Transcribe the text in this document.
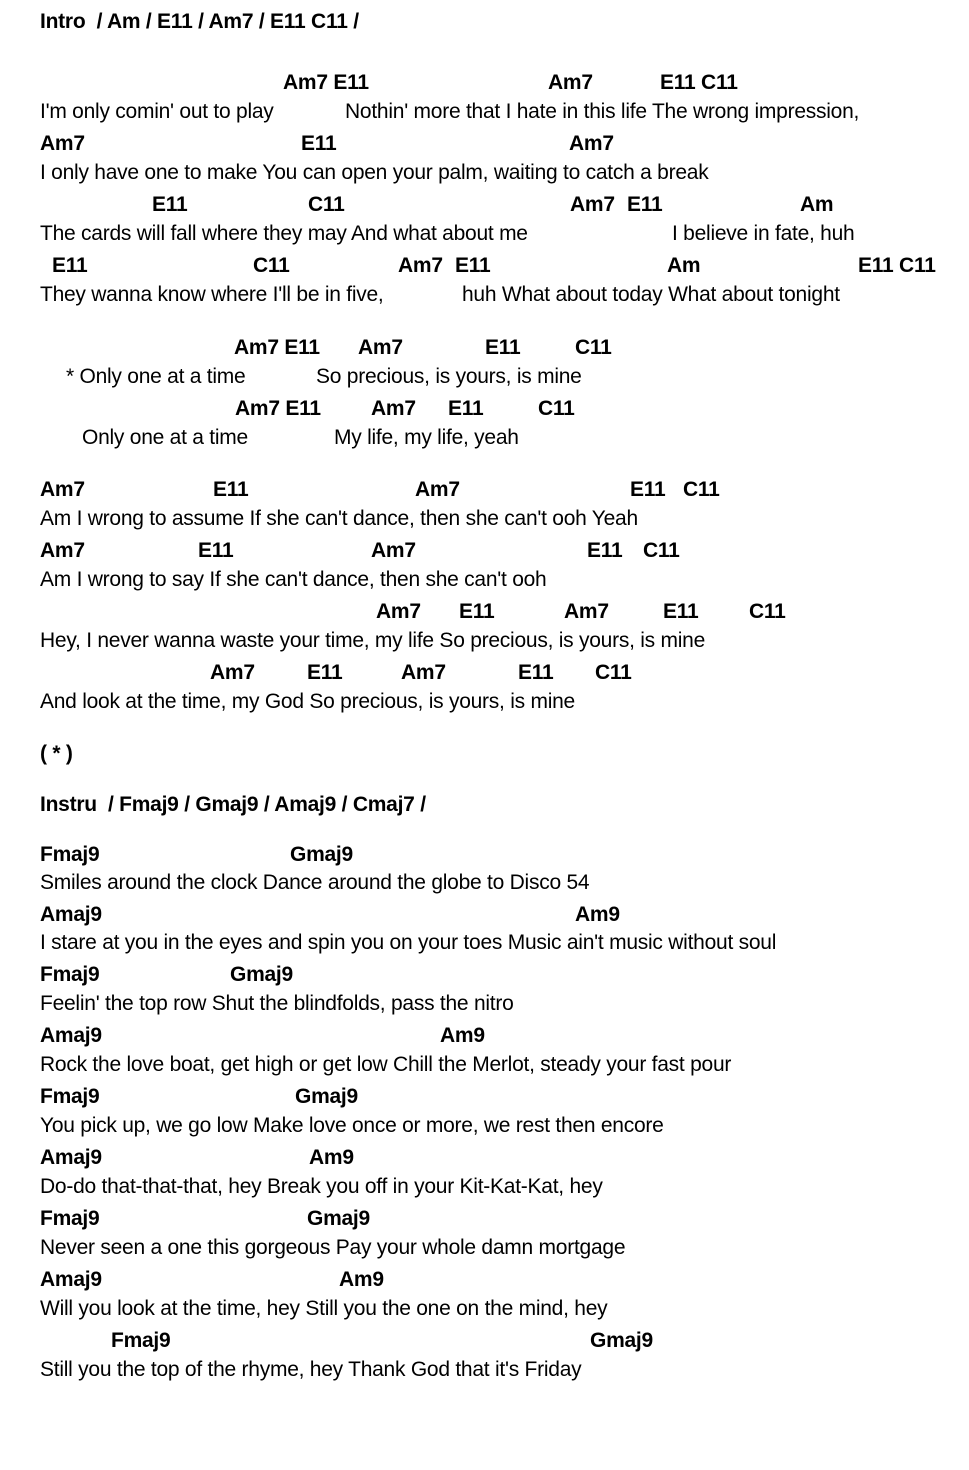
Intro  / Am / E11 / Am7 / E11 C11 /
Am7 E11	Am7	E11 C11
I'm only comin' out to play	Nothin' more that I hate in this life The wrong impression,
Am7	E11	Am7
I only have one to make You can open your palm, waiting to catch a break
E11	C11	Am7 E11	Am
The cards will fall where they may And what about me	I believe in fate, huh
E11	C11	Am7 E11	Am	E11 C11
They wanna know where I'll be in five,	huh What about today What about tonight
Am7 E11 Am7	E11	C11
* Only one at a time	So precious, is yours, is mine
Am7 E11 Am7 E11	C11
Only one at a time	My life, my life, yeah
Am7	E11	Am7	E11 C11
Am I wrong to assume If she can't dance, then she can't ooh Yeah
Am7	E11	Am7	E11 C11
Am I wrong to say If she can't dance, then she can't ooh
Am7 E11	Am7	E11 C11
Hey, I never wanna waste your time, my life So precious, is yours, is mine
Am7 E11	Am7	E11 C11
And look at the time, my God So precious, is yours, is mine
( * )
Instru  / Fmaj9 / Gmaj9 / Amaj9 / Cmaj7 /
Fmaj9	Gmaj9
Smiles around the clock Dance around the globe to Disco 54
Amaj9	Am9
I stare at you in the eyes and spin you on your toes Music ain't music without soul
Fmaj9	Gmaj9
Feelin' the top row Shut the blindfolds, pass the nitro
Amaj9	Am9
Rock the love boat, get high or get low Chill the Merlot, steady your fast pour
Fmaj9	Gmaj9
You pick up, we go low Make love once or more, we rest then encore
Amaj9	Am9
Do-do that-that-that, hey Break you off in your Kit-Kat-Kat, hey
Fmaj9	Gmaj9
Never seen a one this gorgeous Pay your whole damn mortgage
Amaj9	Am9
Will you look at the time, hey Still you the one on the mind, hey
Fmaj9	Gmaj9
Still you the top of the rhyme, hey Thank God that it's Friday
